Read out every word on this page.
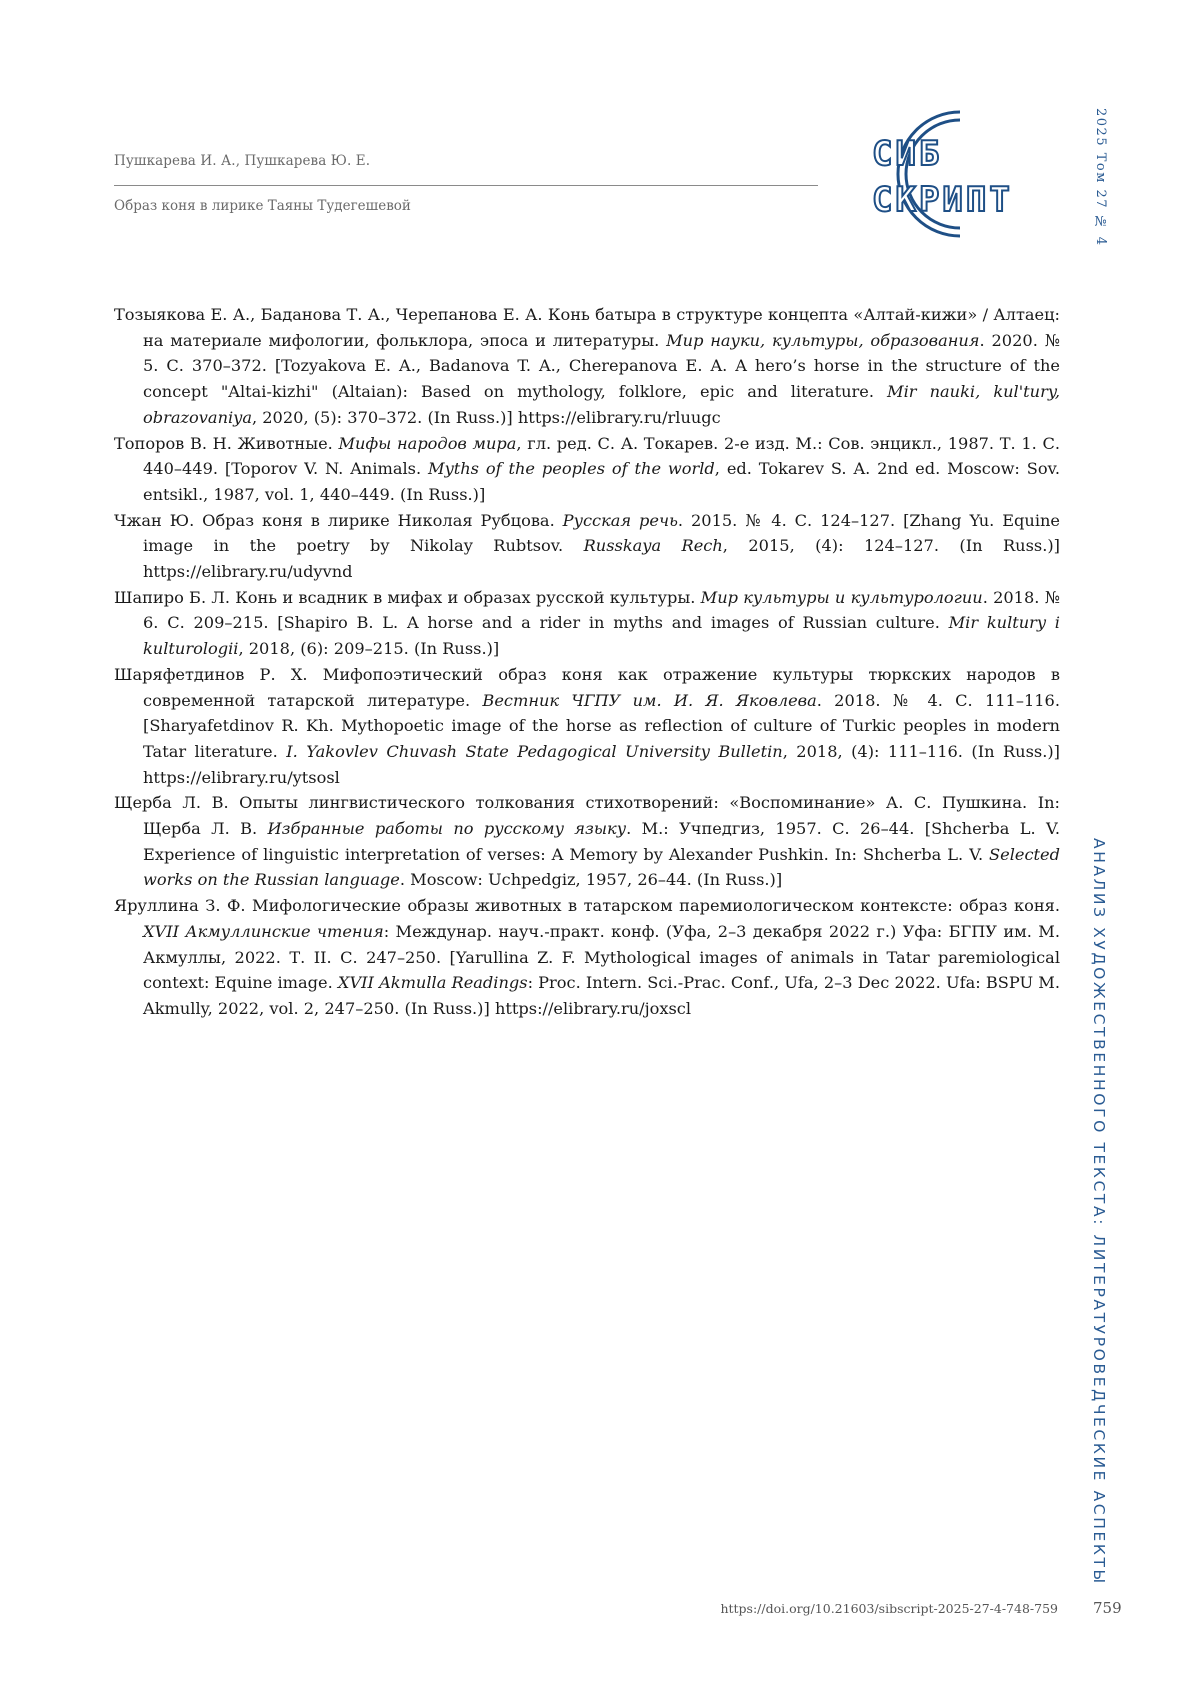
Пушкарева И. А., Пушкарева Ю. Е.
Образ коня в лирике Таяны Тудегешевой
СИБ
СКРИПТ	2025 Том 27 № 4
АНАЛИЗ ХУДОЖЕСТВЕННОГО ТЕКСТА: ЛИТЕРАТУРОВЕДЧЕСКИЕ АСПЕКТЫ

Тозыякова Е. А., Баданова Т. А., Черепанова Е. А. Конь батыра в структуре концепта «Алтай-кижи» / Алтаец: на материале мифологии, фольклора, эпоса и литературы. Мир науки, культуры, образования. 2020. № 5. С. 370–372. [Tozyakova E. A., Badanova T. A., Cherepanova E. A. A hero’s horse in the structure of the concept "Altai-kizhi" (Altaian): Based on mythology, folklore, epic and literature. Mir nauki, kul'tury, obrazovaniya, 2020, (5): 370–372. (In Russ.)] https://elibrary.ru/rluugc

Топоров В. Н. Животные. Мифы народов мира, гл. ред. С. А. Токарев. 2-е изд. М.: Сов. энцикл., 1987. Т. 1. С. 440–449. [Toporov V. N. Animals. Myths of the peoples of the world, ed. Tokarev S. A. 2nd ed. Moscow: Sov. entsikl., 1987, vol. 1, 440–449. (In Russ.)]

Чжан Ю. Образ коня в лирике Николая Рубцова. Русская речь. 2015. № 4. С. 124–127. [Zhang Yu. Equine image in the poetry by Nikolay Rubtsov. Russkaya Rech, 2015, (4): 124–127. (In Russ.)] https://elibrary.ru/udyvnd

Шапиро Б. Л. Конь и всадник в мифах и образах русской культуры. Мир культуры и культурологии. 2018. № 6. С. 209–215. [Shapiro B. L. A horse and a rider in myths and images of Russian culture. Mir kultury i kulturologii, 2018, (6): 209–215. (In Russ.)]

Шаряфетдинов Р. Х. Мифопоэтический образ коня как отражение культуры тюркских народов в современной татарской литературе. Вестник ЧГПУ им. И. Я. Яковлева. 2018. № 4. С. 111–116. [Sharyafetdinov R. Kh. Mythopoetic image of the horse as reflection of culture of Turkic peoples in modern Tatar literature. I. Yakovlev Chuvash State Pedagogical University Bulletin, 2018, (4): 111–116. (In Russ.)] https://elibrary.ru/ytsosl

Щерба Л. В. Опыты лингвистического толкования стихотворений: «Воспоминание» А. С. Пушкина. In: Щерба Л. В. Избранные работы по русскому языку. М.: Учпедгиз, 1957. С. 26–44. [Shcherba L. V. Experience of linguistic interpretation of verses: A Memory by Alexander Pushkin. In: Shcherba L. V. Selected works on the Russian language. Moscow: Uchpedgiz, 1957, 26–44. (In Russ.)]

Яруллина З. Ф. Мифологические образы животных в татарском паремиологическом контексте: образ коня. XVII Акмуллинские чтения: Междунар. науч.-практ. конф. (Уфа, 2–3 декабря 2022 г.) Уфа: БГПУ им. М. Акмуллы, 2022. Т. II. С. 247–250. [Yarullina Z. F. Mythological images of animals in Tatar paremiological context: Equine image. XVII Akmulla Readings: Proc. Intern. Sci.-Prac. Conf., Ufa, 2–3 Dec 2022. Ufa: BSPU M. Akmully, 2022, vol. 2, 247–250. (In Russ.)] https://elibrary.ru/joxscl

https://doi.org/10.21603/sibscript-2025-27-4-748-759 759
